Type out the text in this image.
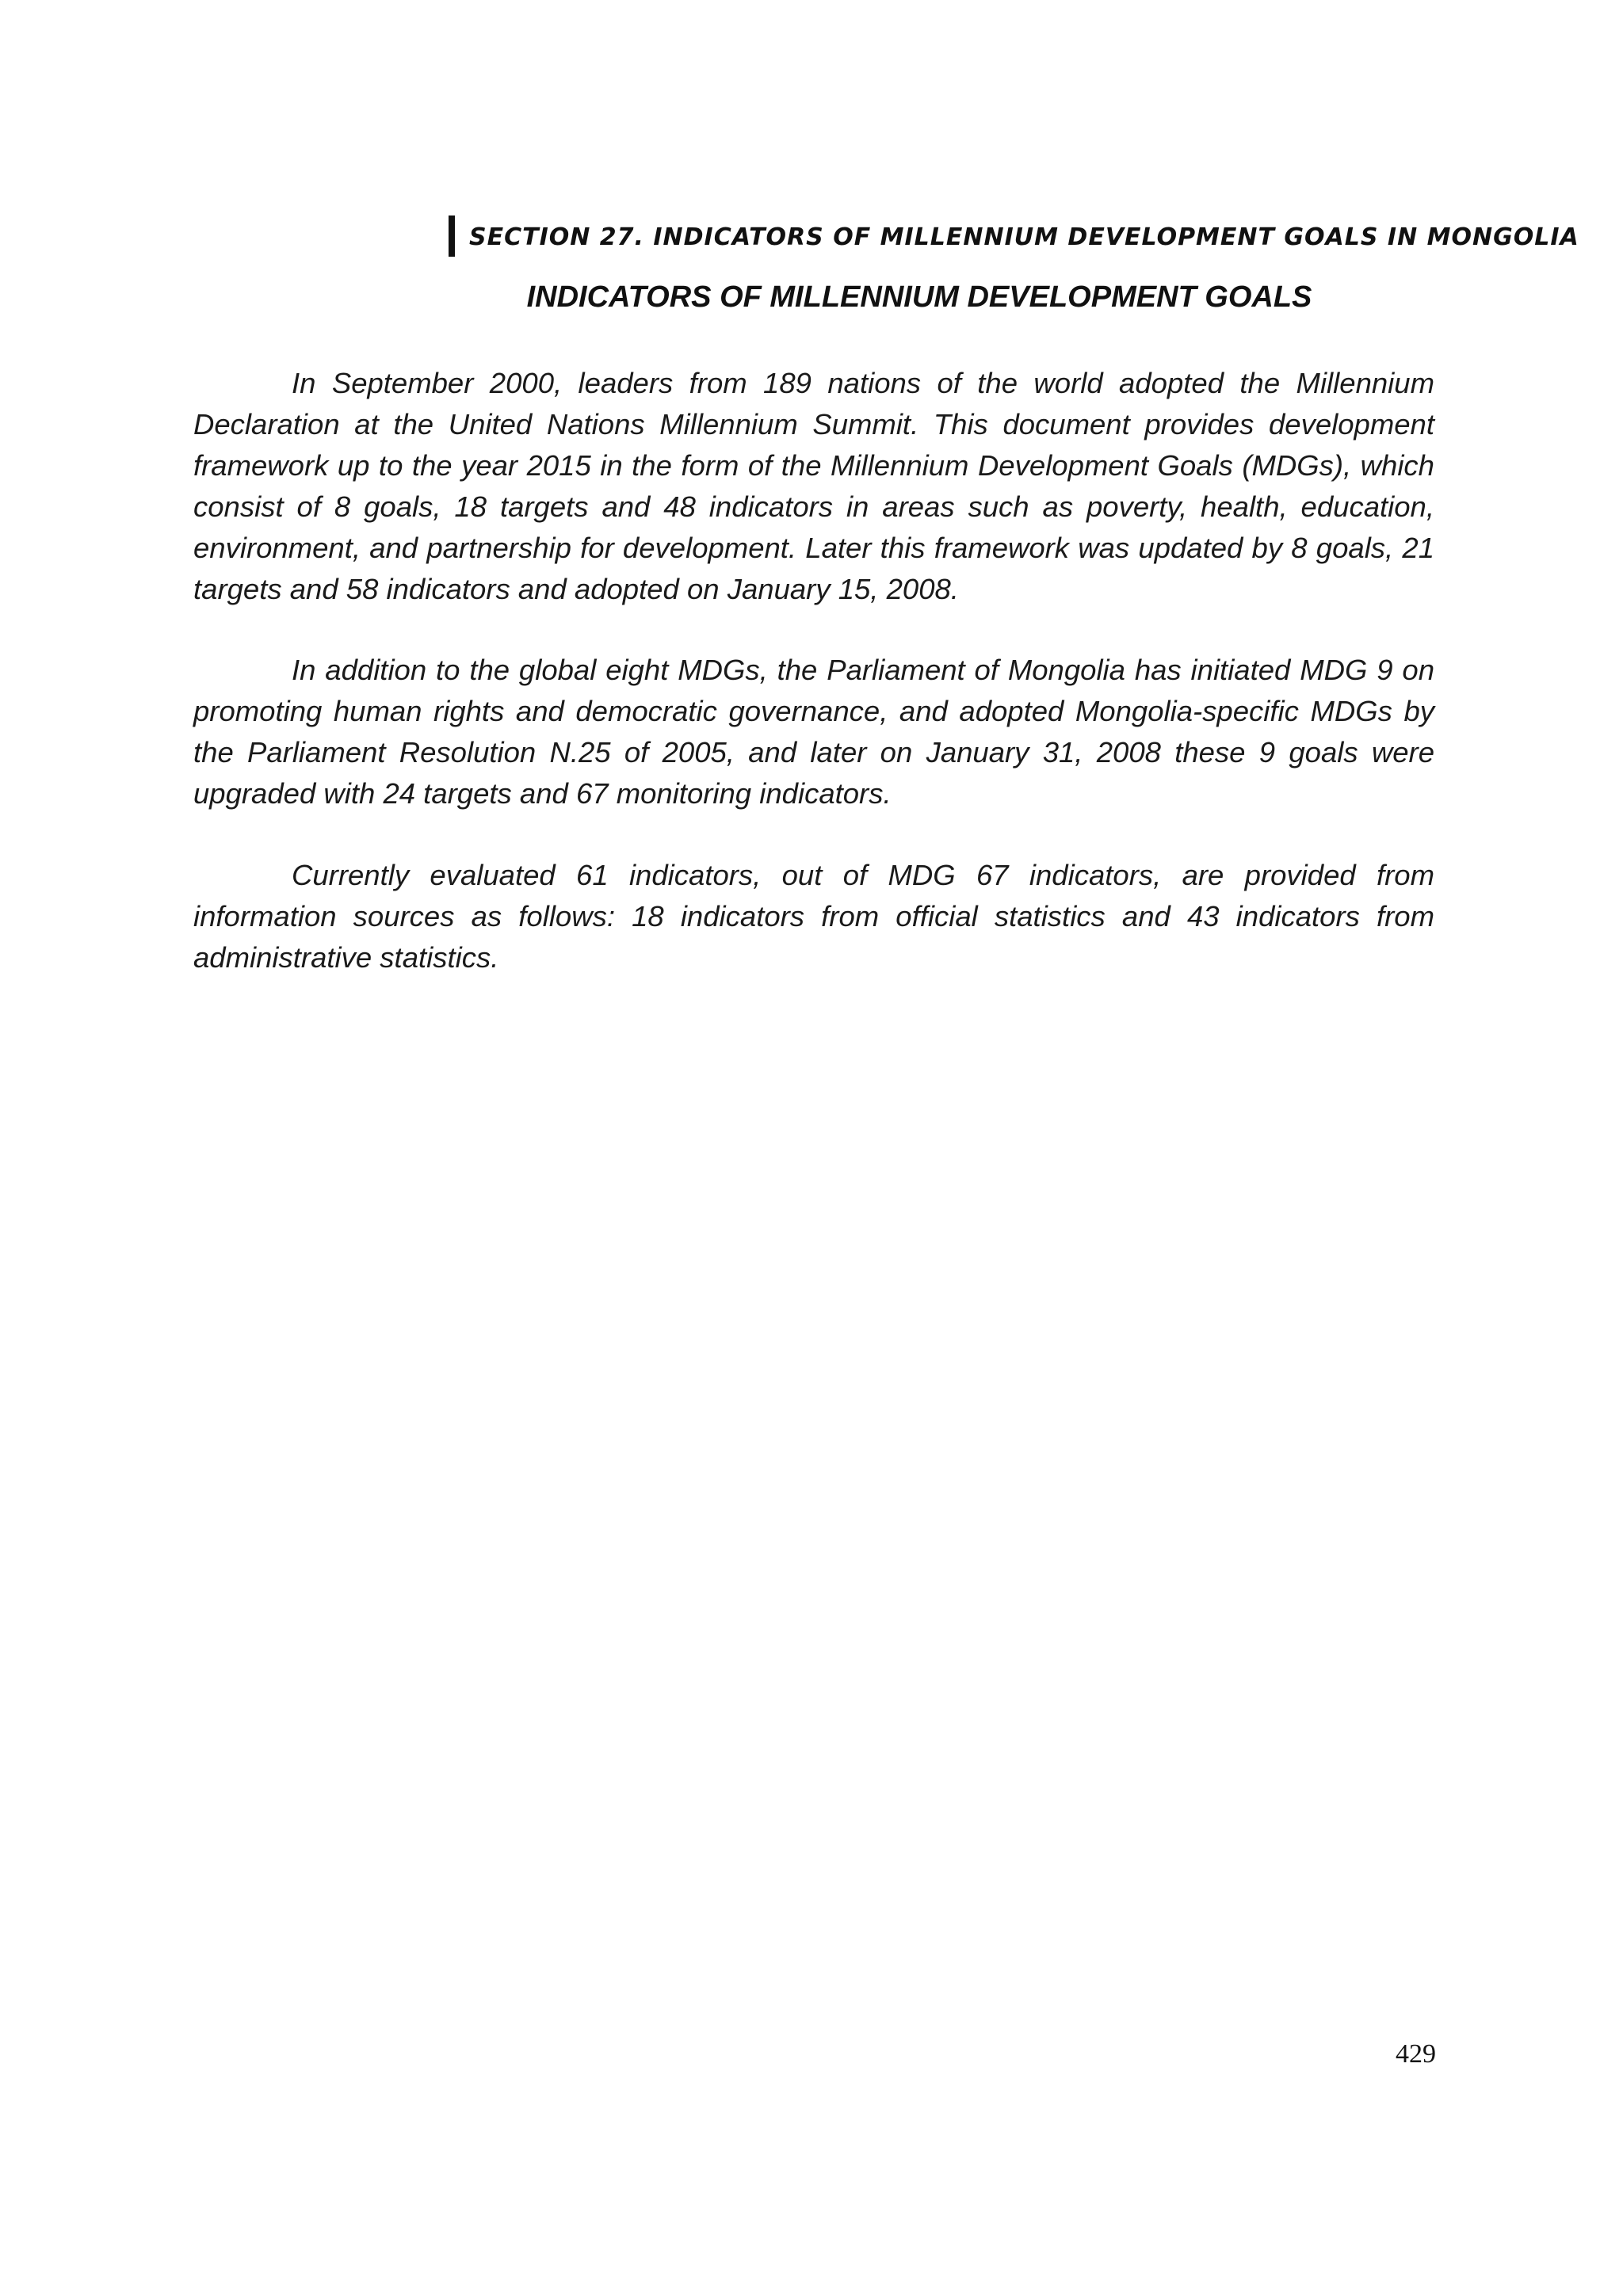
SECTION 27. INDICATORS OF MILLENNIUM DEVELOPMENT GOALS IN MONGOLIA
INDICATORS OF MILLENNIUM DEVELOPMENT GOALS

In September 2000, leaders from 189 nations of the world adopted the Millennium Declaration at the United Nations Millennium Summit. This document provides development framework up to the year 2015 in the form of the Millennium Development Goals (MDGs), which consist of 8 goals, 18 targets and 48 indicators in areas such as poverty, health, education, environment, and partnership for development. Later this framework was updated by 8 goals, 21 targets and 58 indicators and adopted on January 15, 2008.

In addition to the global eight MDGs, the Parliament of Mongolia has initiated MDG 9 on promoting human rights and democratic governance, and adopted Mongolia-specific MDGs by the Parliament Resolution N.25 of 2005, and later on January 31, 2008 these 9 goals were upgraded with 24 targets and 67 monitoring indicators.

Currently evaluated 61 indicators, out of MDG 67 indicators, are provided from information sources as follows: 18 indicators from official statistics and 43 indicators from administrative statistics.

429
